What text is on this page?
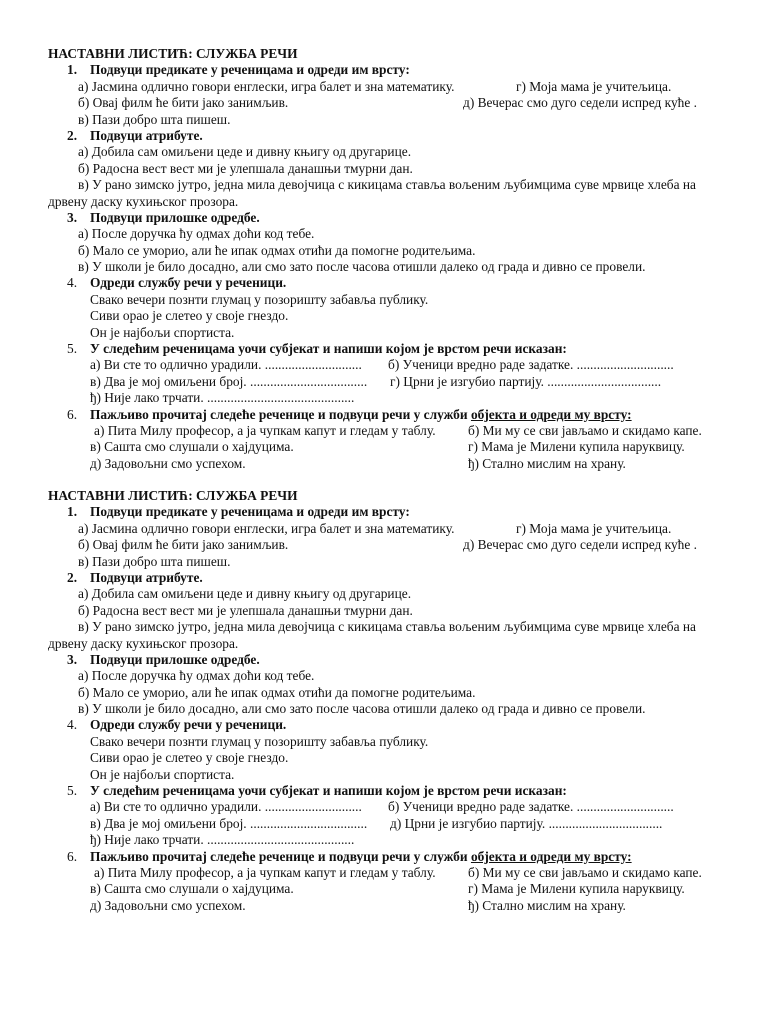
НАСТАВНИ ЛИСТИЋ: СЛУЖБА РЕЧИ
1. Подвуци предикате у реченицама и одреди им врсту:
а) Јасмина одлично говори енглески, игра балет и зна математику.	г) Моја мама је учитељица.
б) Овај филм ће бити јако занимљив.	д) Вечерас смо дуго седели испред куће .
в) Пази добро шта пишеш.
2. Подвуци атрибуте.
а) Добила сам омиљени цеде и дивну књигу од другарице.
б) Радосна вест вест ми је улепшала данашњи тмурни дан.
в) У рано зимско јутро, једна мила девојчица с кикицама ставља вољеним љубимцима суве мрвице хлеба на
дрвену даску кухињског прозора.
3. Подвуци прилошке одредбе.
а) После доручка ћу одмах доћи код тебе.
б) Мало се уморио, али ће ипак одмах отићи да помогне родитељима.
в) У школи је било досадно, али смо зато после часова отишли далеко од града и дивно се провели.
4. Одреди службу речи у реченици.
Свако вечери познти глумац у позоришту забавља публику.
Сиви орао је слетео у своје гнездо.
Он је најбољи спортиста.
5. У следећим реченицама уочи субјекат и напиши којом је врстом речи исказан:
а) Ви сте то одлично урадили. ............................. б) Ученици вредно раде задатке. .............................
в) Два је мој омиљени број. ................................... г) Црни је изгубио партију. ..................................
ђ) Није лако трчати. ............................................
6. Пажљиво прочитај следеће реченице и подвуци речи у служби објекта и одреди му врсту:
а) Пита Милу професор, а ја чупкам капут и гледам у таблу. б) Ми му се сви јављамо и скидамо капе.
в) Сашта смо слушали о хајдуцима.	г) Мама је Милени купила наруквицу.
д) Задовољни смо успехом.	ђ) Стално мислим на храну.
НАСТАВНИ ЛИСТИЋ: СЛУЖБА РЕЧИ
1. Подвуци предикате у реченицама и одреди им врсту:
а) Јасмина одлично говори енглески, игра балет и зна математику.	г) Моја мама је учитељица.
б) Овај филм ће бити јако занимљив.	д) Вечерас смо дуго седели испред куће .
в) Пази добро шта пишеш.
2. Подвуци атрибуте.
а) Добила сам омиљени цеде и дивну књигу од другарице.
б) Радосна вест вест ми је улепшала данашњи тмурни дан.
в) У рано зимско јутро, једна мила девојчица с кикицама ставља вољеним љубимцима суве мрвице хлеба на
дрвену даску кухињског прозора.
3. Подвуци прилошке одредбе.
а) После доручка ћу одмах доћи код тебе.
б) Мало се уморио, али ће ипак одмах отићи да помогне родитељима.
в) У школи је било досадно, али смо зато после часова отишли далеко од града и дивно се провели.
4. Одреди службу речи у реченици.
Свако вечери познти глумац у позоришту забавља публику.
Сиви орао је слетео у своје гнездо.
Он је најбољи спортиста.
5. У следећим реченицама уочи субјекат и напиши којом је врстом речи исказан:
а) Ви сте то одлично урадили. ............................. б) Ученици вредно раде задатке. .............................
в) Два је мој омиљени број. ................................... д) Црни је изгубио партију. ..................................
ђ) Није лако трчати. ............................................
6. Пажљиво прочитај следеће реченице и подвуци речи у служби објекта и одреди му врсту:
а) Пита Милу професор, а ја чупкам капут и гледам у таблу. б) Ми му се сви јављамо и скидамо капе.
в) Сашта смо слушали о хајдуцима.	г) Мама је Милени купила наруквицу.
д) Задовољни смо успехом.	ђ) Стално мислим на храну.
